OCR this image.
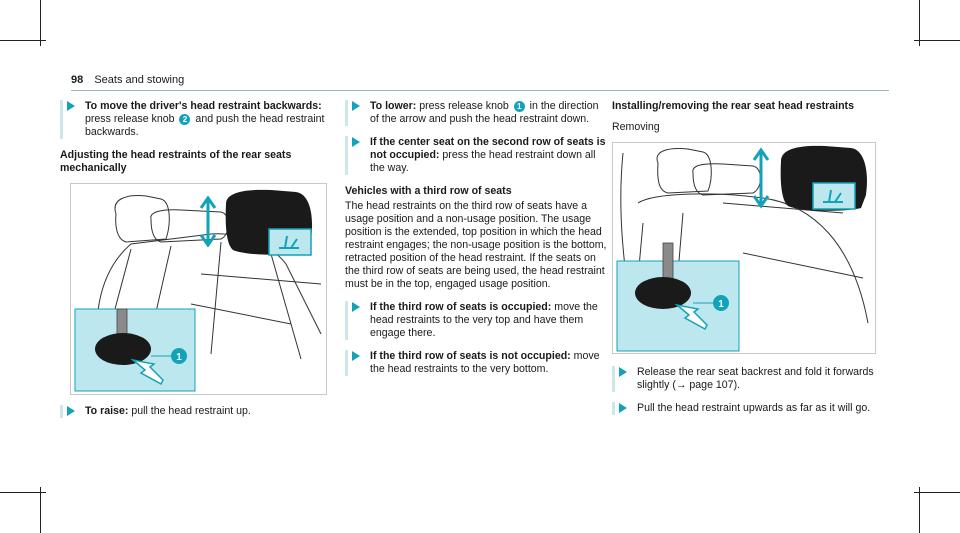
98 Seats and stowing
To move the driver's head restraint backwards: press release knob 2 and push the head restraint backwards.
Adjusting the head restraints of the rear seats mechanically
1
To raise: pull the head restraint up.
To lower: press release knob 1 in the direction of the arrow and push the head restraint down.
If the center seat on the second row of seats is not occupied: press the head restraint down all the way.
Vehicles with a third row of seats

The head restraints on the third row of seats have a usage position and a non-usage position. The usage position is the extended, top position in which the head restraint engages; the non-usage position is the bottom, retracted position of the head restraint. If the seats on the third row of seats are being used, the head restraint must be in the top, engaged usage position.

If the third row of seats is occupied: move the head restraints to the very top and have them engage there.
If the third row of seats is not occupied: move the head restraints to the very bottom.
Installing/removing the rear seat head restraints
Removing
1
Release the rear seat backrest and fold it forwards slightly (→ page 107).
Pull the head restraint upwards as far as it will go.
